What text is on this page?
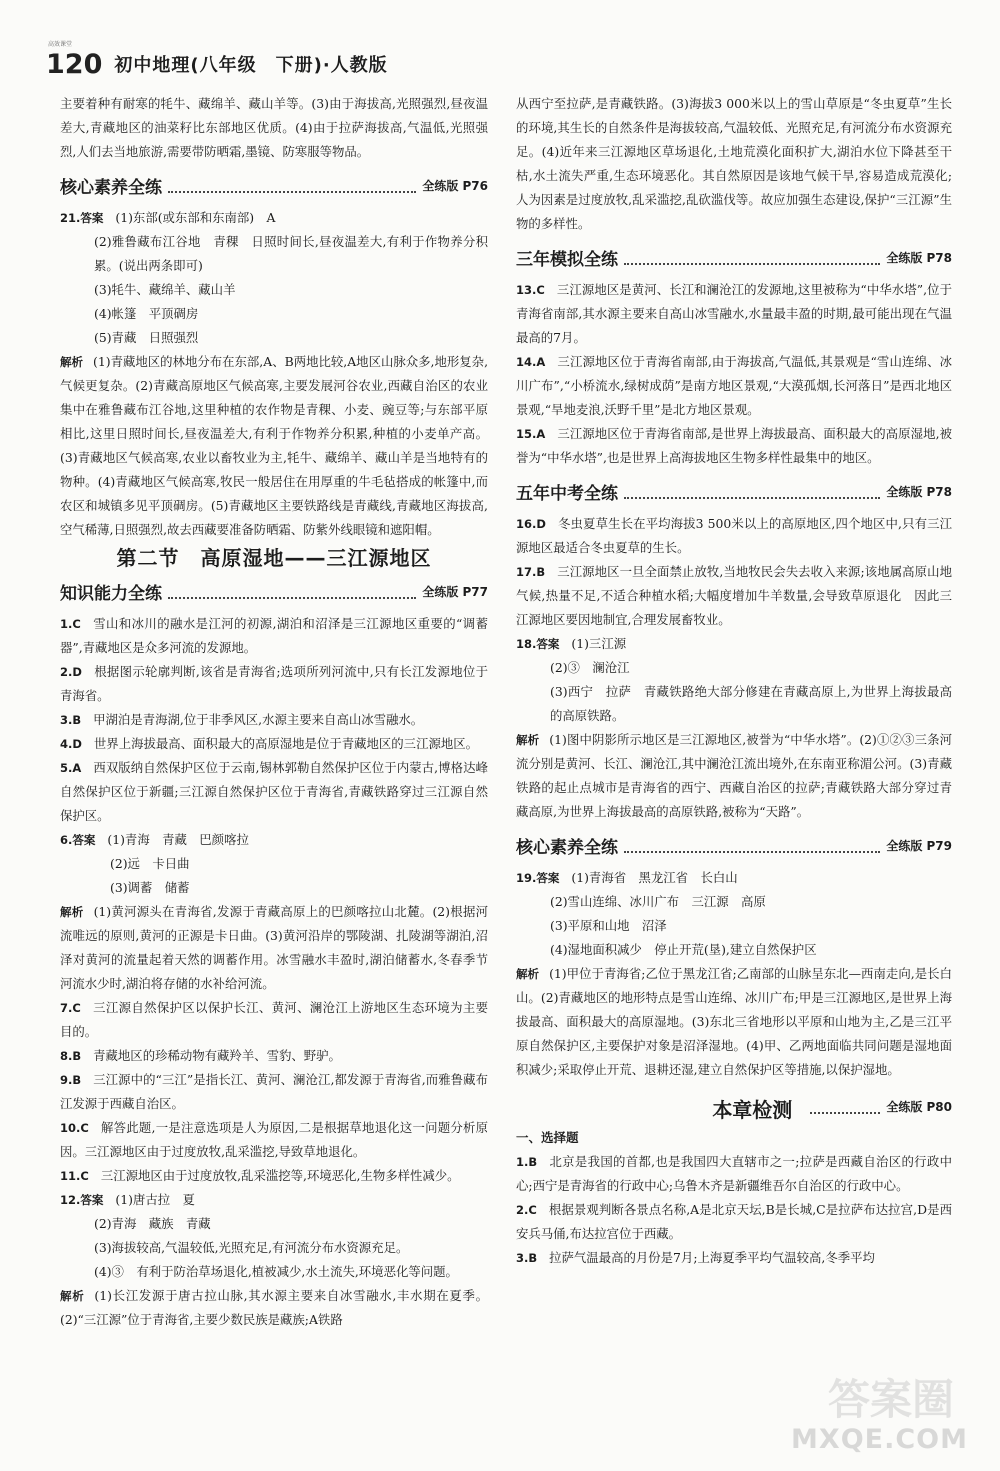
高效课堂
120 初中地理(八年级　下册)·人教版

主要着种有耐寒的牦牛、藏绵羊、藏山羊等。(3)由于海拔高,光照强烈,昼夜温差大,青藏地区的油菜籽比东部地区优质。(4)由于拉萨海拔高,气温低,光照强烈,人们去当地旅游,需要带防晒霜,墨镜、防寒服等物品。

核心素养全练	全练版 P76

21.答案 (1)东部(或东部和东南部)　A

(2)雅鲁藏布江谷地　青稞　日照时间长,昼夜温差大,有利于作物养分积累。(说出两条即可)

(3)牦牛、藏绵羊、藏山羊

(4)帐篷　平顶碉房

(5)青藏　日照强烈

解析 (1)青藏地区的林地分布在东部,A、B两地比较,A地区山脉众多,地形复杂,气候更复杂。(2)青藏高原地区气候高寒,主要发展河谷农业,西藏自治区的农业集中在雅鲁藏布江谷地,这里种植的农作物是青稞、小麦、豌豆等;与东部平原相比,这里日照时间长,昼夜温差大,有利于作物养分积累,种植的小麦单产高。(3)青藏地区气候高寒,农业以畜牧业为主,牦牛、藏绵羊、藏山羊是当地特有的物种。(4)青藏地区气候高寒,牧民一般居住在用厚重的牛毛毡搭成的帐篷中,而农区和城镇多见平顶碉房。(5)青藏地区主要铁路线是青藏线,青藏地区海拔高,空气稀薄,日照强烈,故去西藏要准备防晒霜、防紫外线眼镜和遮阳帽。

第二节　高原湿地——三江源地区
知识能力全练	全练版 P77

1.C 雪山和冰川的融水是江河的初源,湖泊和沼泽是三江源地区重要的“调蓄器”,青藏地区是众多河流的发源地。

2.D 根据图示轮廓判断,该省是青海省;选项所列河流中,只有长江发源地位于青海省。

3.B 甲湖泊是青海湖,位于非季风区,水源主要来自高山冰雪融水。

4.D 世界上海拔最高、面积最大的高原湿地是位于青藏地区的三江源地区。

5.A 西双版纳自然保护区位于云南,锡林郭勒自然保护区位于内蒙古,博格达峰自然保护区位于新疆;三江源自然保护区位于青海省,青藏铁路穿过三江源自然保护区。

6.答案 (1)青海　青藏　巴颜喀拉

(2)远　卡日曲

(3)调蓄　储蓄

解析 (1)黄河源头在青海省,发源于青藏高原上的巴颜喀拉山北麓。(2)根据河流唯远的原则,黄河的正源是卡日曲。(3)黄河沿岸的鄂陵湖、扎陵湖等湖泊,沼泽对黄河的流量起着天然的调蓄作用。冰雪融水丰盈时,湖泊储蓄水,冬春季节河流水少时,湖泊将存储的水补给河流。

7.C 三江源自然保护区以保护长江、黄河、澜沧江上游地区生态环境为主要目的。

8.B 青藏地区的珍稀动物有藏羚羊、雪豹、野驴。

9.B 三江源中的“三江”是指长江、黄河、澜沧江,都发源于青海省,而雅鲁藏布江发源于西藏自治区。

10.C 解答此题,一是注意选项是人为原因,二是根据草地退化这一问题分析原因。三江源地区由于过度放牧,乱采滥挖,导致草地退化。

11.C 三江源地区由于过度放牧,乱采滥挖等,环境恶化,生物多样性减少。

12.答案 (1)唐古拉　夏

(2)青海　藏族　青藏

(3)海拔较高,气温较低,光照充足,有河流分布水资源充足。

(4)③　有利于防治草场退化,植被减少,水土流失,环境恶化等问题。

解析 (1)长江发源于唐古拉山脉,其水源主要来自冰雪融水,丰水期在夏季。(2)“三江源”位于青海省,主要少数民族是藏族;A铁路

从西宁至拉萨,是青藏铁路。(3)海拔3 000米以上的雪山草原是“冬虫夏草”生长的环境,其生长的自然条件是海拔较高,气温较低、光照充足,有河流分布水资源充足。(4)近年来三江源地区草场退化,土地荒漠化面积扩大,湖泊水位下降甚至干枯,水土流失严重,生态环境恶化。其自然原因是该地气候干旱,容易造成荒漠化;人为因素是过度放牧,乱采滥挖,乱砍滥伐等。故应加强生态建设,保护“三江源”生物的多样性。

三年模拟全练	全练版 P78

13.C 三江源地区是黄河、长江和澜沧江的发源地,这里被称为“中华水塔”,位于青海省南部,其水源主要来自高山冰雪融水,水量最丰盈的时期,最可能出现在气温最高的7月。

14.A 三江源地区位于青海省南部,由于海拔高,气温低,其景观是“雪山连绵、冰川广布”,“小桥流水,绿树成荫”是南方地区景观,“大漠孤烟,长河落日”是西北地区景观,“旱地麦浪,沃野千里”是北方地区景观。

15.A 三江源地区位于青海省南部,是世界上海拔最高、面积最大的高原湿地,被誉为“中华水塔”,也是世界上高海拔地区生物多样性最集中的地区。

五年中考全练	全练版 P78

16.D 冬虫夏草生长在平均海拔3 500米以上的高原地区,四个地区中,只有三江源地区最适合冬虫夏草的生长。

17.B 三江源地区一旦全面禁止放牧,当地牧民会失去收入来源;该地属高原山地气候,热量不足,不适合种植水稻;大幅度增加牛羊数量,会导致草原退化　因此三江源地区要因地制宜,合理发展畜牧业。

18.答案 (1)三江源

(2)③　澜沧江

(3)西宁　拉萨　青藏铁路绝大部分修建在青藏高原上,为世界上海拔最高的高原铁路。

解析 (1)图中阴影所示地区是三江源地区,被誉为“中华水塔”。(2)①②③三条河流分别是黄河、长江、澜沧江,其中澜沧江流出境外,在东南亚称湄公河。(3)青藏铁路的起止点城市是青海省的西宁、西藏自治区的拉萨;青藏铁路大部分穿过青藏高原,为世界上海拔最高的高原铁路,被称为“天路”。

核心素养全练	全练版 P79

19.答案 (1)青海省　黑龙江省　长白山

(2)雪山连绵、冰川广布　三江源　高原

(3)平原和山地　沼泽

(4)湿地面积减少　停止开荒(垦),建立自然保护区

解析 (1)甲位于青海省;乙位于黑龙江省;乙南部的山脉呈东北—西南走向,是长白山。(2)青藏地区的地形特点是雪山连绵、冰川广布;甲是三江源地区,是世界上海拔最高、面积最大的高原湿地。(3)东北三省地形以平原和山地为主,乙是三江平原自然保护区,主要保护对象是沼泽湿地。(4)甲、乙两地面临共同问题是湿地面积减少;采取停止开荒、退耕还湿,建立自然保护区等措施,以保护湿地。

本章检测	全练版 P80

一、选择题

1.B 北京是我国的首都,也是我国四大直辖市之一;拉萨是西藏自治区的行政中心;西宁是青海省的行政中心;乌鲁木齐是新疆维吾尔自治区的行政中心。

2.C 根据景观判断各景点名称,A是北京天坛,B是长城,C是拉萨布达拉宫,D是西安兵马俑,布达拉宫位于西藏。

3.B 拉萨气温最高的月份是7月;上海夏季平均气温较高,冬季平均

答案圈
MXQE.COM
